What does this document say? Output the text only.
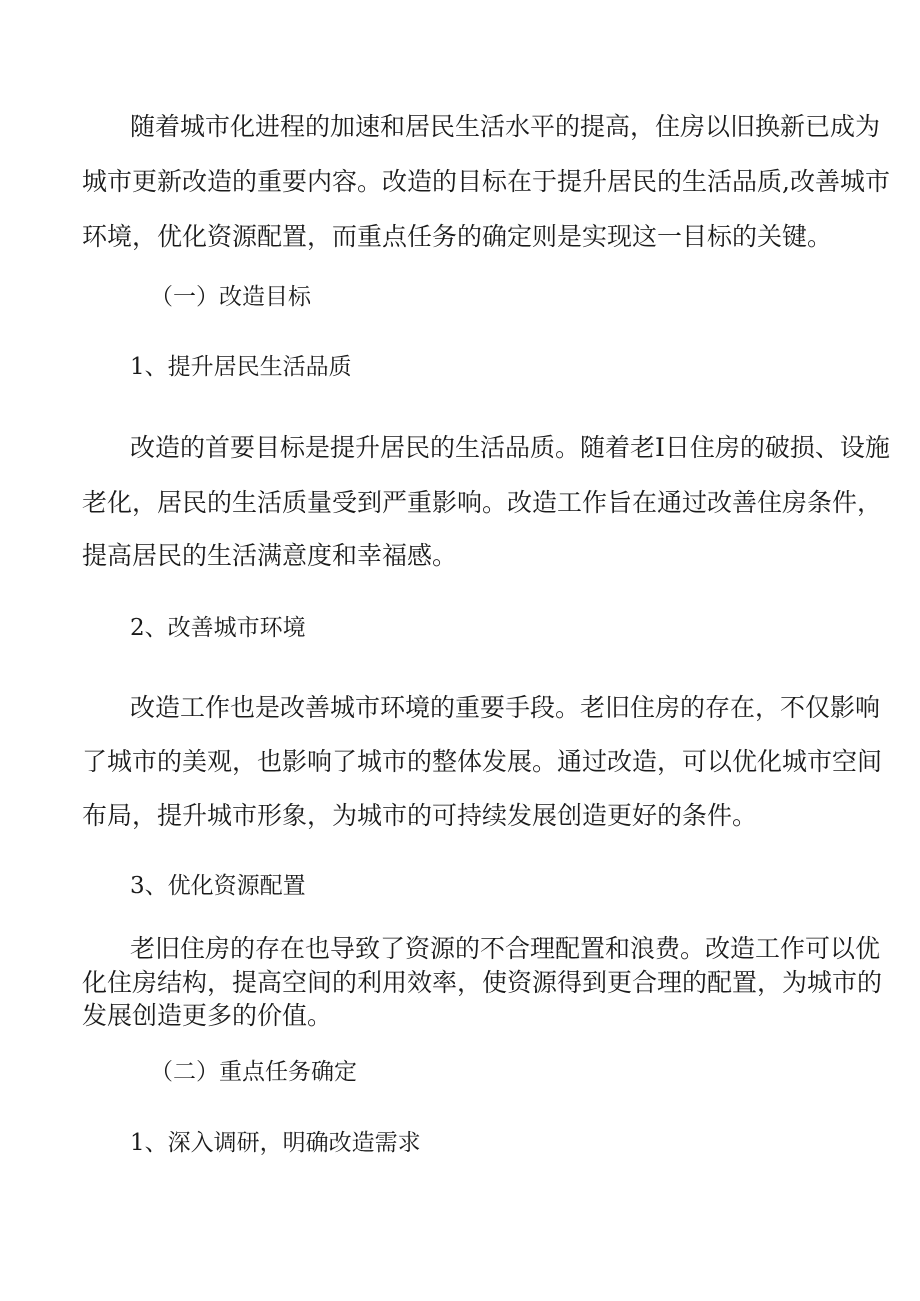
随着城市化进程的加速和居民生活水平的提高，住房以旧换新已成为
城市更新改造的重要内容。改造的目标在于提升居民的生活品质,改善城市
环境，优化资源配置，而重点任务的确定则是实现这一目标的关键。
（一）改造目标
1、提升居民生活品质
改造的首要目标是提升居民的生活品质。随着老I日住房的破损、设施
老化，居民的生活质量受到严重影响。改造工作旨在通过改善住房条件，
提高居民的生活满意度和幸福感。
2、改善城市环境
改造工作也是改善城市环境的重要手段。老旧住房的存在，不仅影响
了城市的美观，也影响了城市的整体发展。通过改造，可以优化城市空间
布局，提升城市形象，为城市的可持续发展创造更好的条件。
3、优化资源配置
老旧住房的存在也导致了资源的不合理配置和浪费。改造工作可以优
化住房结构，提高空间的利用效率，使资源得到更合理的配置，为城市的
发展创造更多的价值。
（二）重点任务确定
1、深入调研，明确改造需求
